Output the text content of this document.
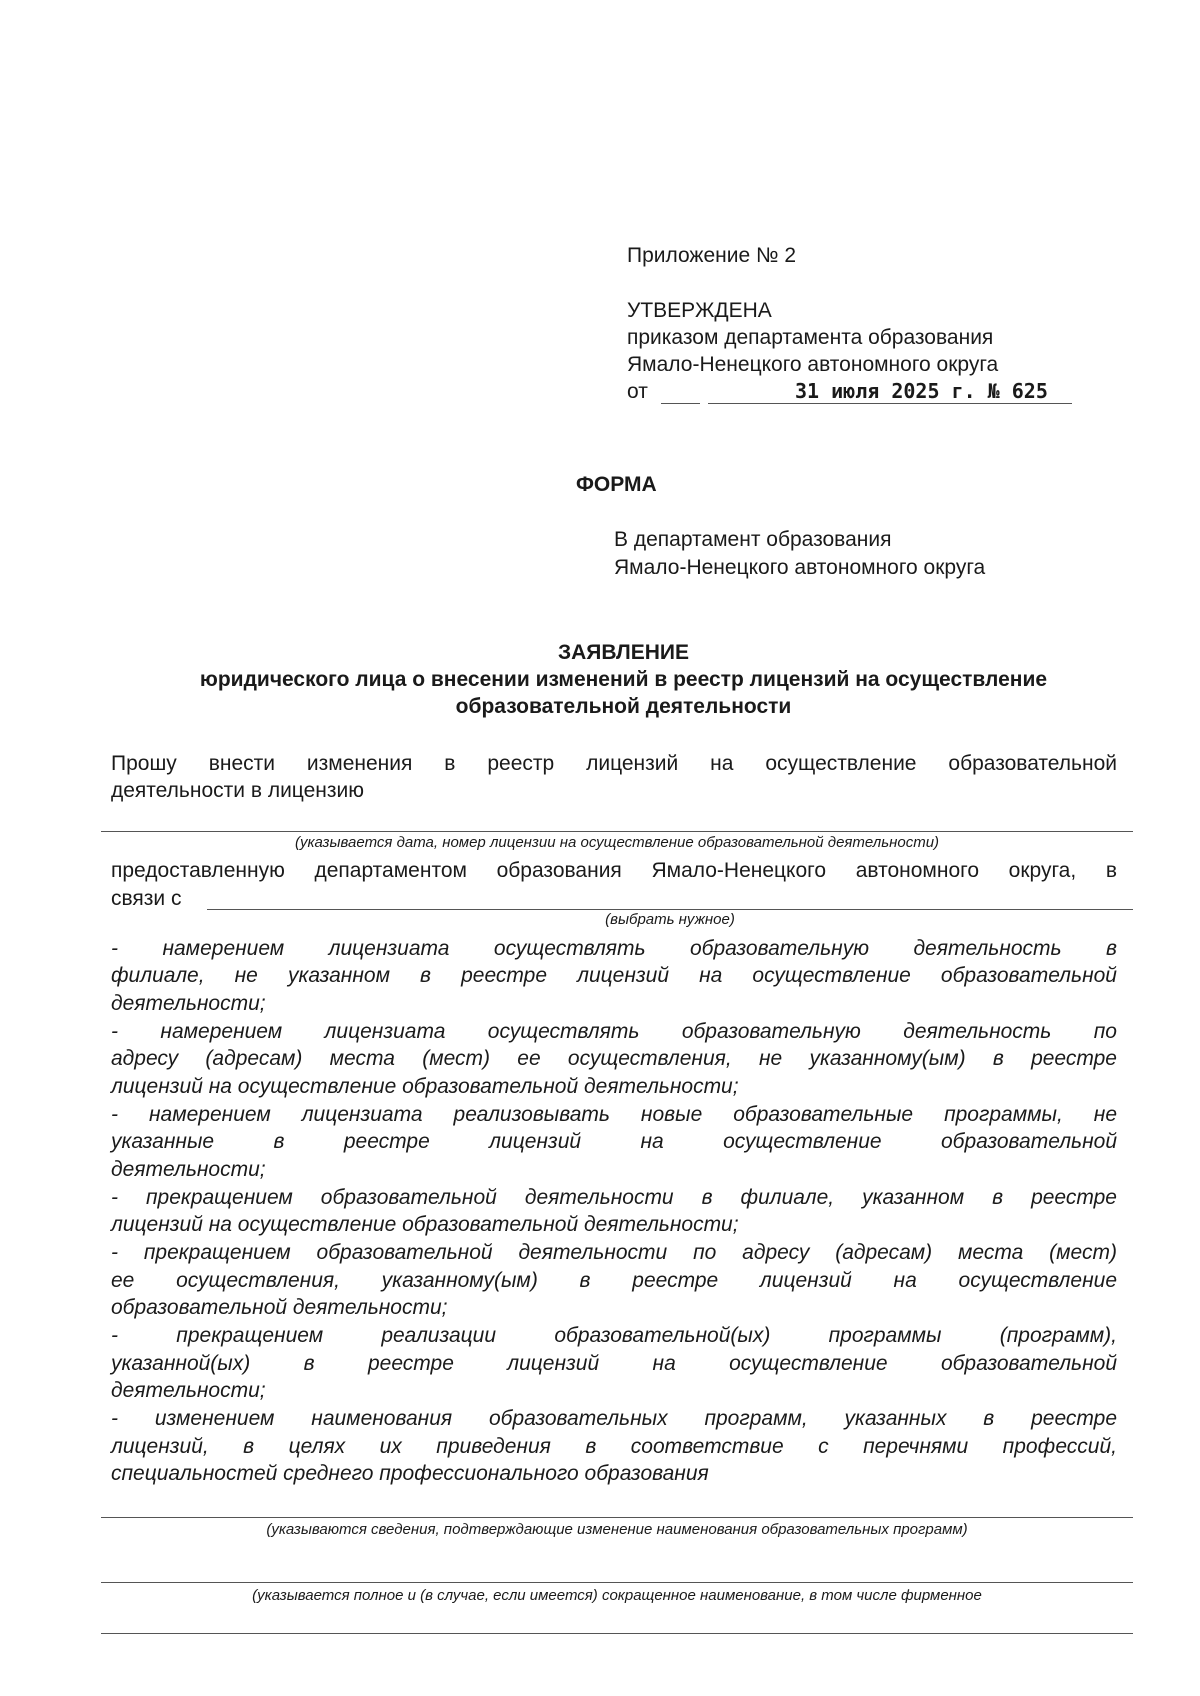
Приложение № 2
УТВЕРЖДЕНА
приказом департамента образования
Ямало-Ненецкого автономного округа
от	31 июля 2025 г. № 625
ФОРМА
В департамент образования
Ямало-Ненецкого автономного округа
ЗАЯВЛЕНИЕ
юридического лица о внесении изменений в реестр лицензий на осуществление
образовательной деятельности
Прошу внести изменения в реестр лицензий на осуществление образовательной
деятельности в лицензию
(указывается дата, номер лицензии на осуществление образовательной деятельности)
предоставленную департаментом образования Ямало-Ненецкого автономного округа, в
связи с
(выбрать нужное)
- намерением лицензиата осуществлять образовательную деятельность в
филиале, не указанном в реестре лицензий на осуществление образовательной
деятельности;
- намерением лицензиата осуществлять образовательную деятельность по
адресу (адресам) места (мест) ее осуществления, не указанному(ым) в реестре
лицензий на осуществление образовательной деятельности;
- намерением лицензиата реализовывать новые образовательные программы, не
указанные в реестре лицензий на осуществление образовательной
деятельности;
- прекращением образовательной деятельности в филиале, указанном в реестре
лицензий на осуществление образовательной деятельности;
- прекращением образовательной деятельности по адресу (адресам) места (мест)
ее осуществления, указанному(ым) в реестре лицензий на осуществление
образовательной деятельности;
- прекращением реализации образовательной(ых) программы (программ),
указанной(ых) в реестре лицензий на осуществление образовательной
деятельности;
- изменением наименования образовательных программ, указанных в реестре
лицензий, в целях их приведения в соответствие с перечнями профессий,
специальностей среднего профессионального образования
(указываются сведения, подтверждающие изменение наименования образовательных программ)
(указывается полное и (в случае, если имеется) сокращенное наименование, в том числе фирменное
